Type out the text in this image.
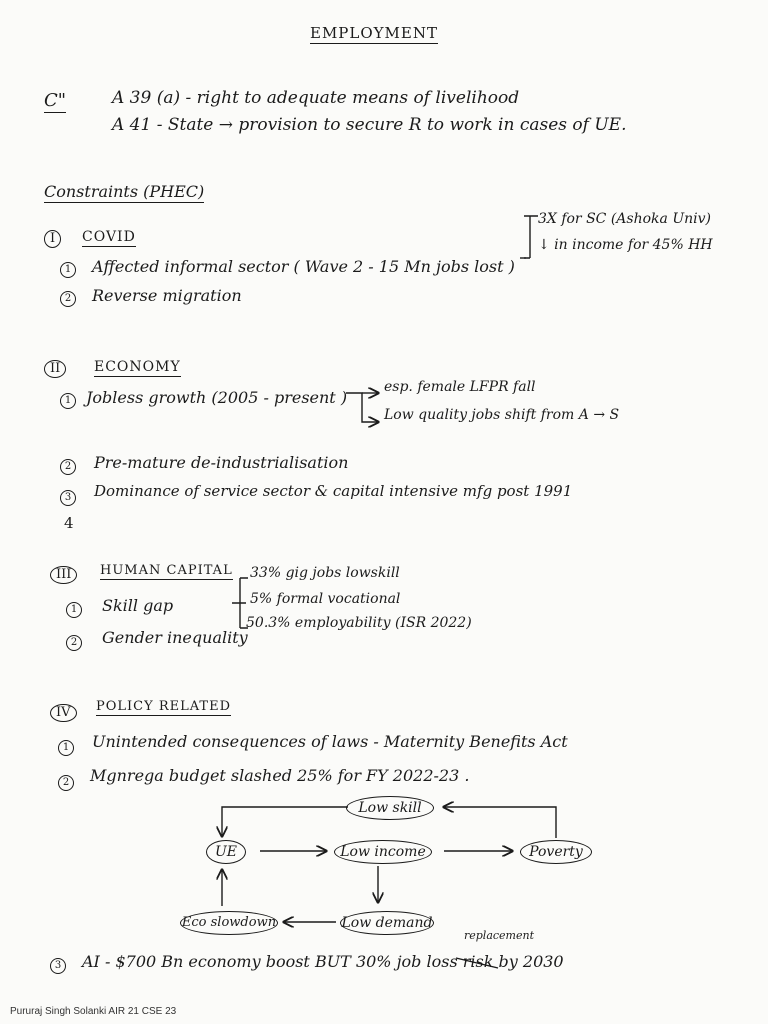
EMPLOYMENT
C"	A 39 (a) - right to adequate means of livelihood
A 41 - State → provision to secure R to work in cases of UE.
Constraints (PHEC)
I	COVID
1	Affected informal sector ( Wave 2 - 15 Mn jobs lost )
2	Reverse migration
3X for SC (Ashoka Univ)
↓ in income for 45% HH
II	ECONOMY
1 Jobless growth (2005 - present )
esp. female LFPR fall
Low quality jobs shift from A → S
2	Pre-mature de-industrialisation
3	Dominance of service sector & capital intensive mfg post 1991
4
III	HUMAN CAPITAL
1	Skill gap
2	Gender inequality
33% gig jobs lowskill
5% formal vocational
50.3% employability (ISR 2022)
IV	POLICY RELATED
1	Unintended consequences of laws - Maternity Benefits Act
2	Mgnrega budget slashed 25% for FY 2022-23 .
Low skill
UE	Low income	Poverty
Eco slowdown	Low demand
3	AI - $700 Bn economy boost BUT 30% job loss risk by 2030
replacement
Pururaj Singh Solanki AIR 21 CSE 23
